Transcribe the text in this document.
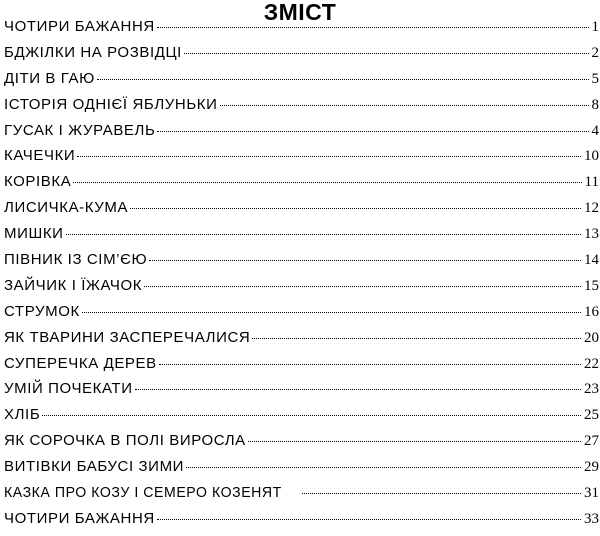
ЗМІСТ
ЧОТИРИ БАЖАННЯ	1
БДЖІЛКИ НА РОЗВІДЦІ	2
ДІТИ В ГАЮ	5
ІСТОРІЯ ОДНІЄЇ ЯБЛУНЬКИ	8
ГУСАК І ЖУРАВЕЛЬ	4
КАЧЕЧКИ	10
КОРІВКА	11
ЛИСИЧКА-КУМА	12
МИШКИ	13
ПІВНИК ІЗ СІМ’ЄЮ	14
ЗАЙЧИК І ЇЖАЧОК	15
СТРУМОК	16
ЯК ТВАРИНИ ЗАСПЕРЕЧАЛИСЯ	20
СУПЕРЕЧКА ДЕРЕВ	22
УМІЙ ПОЧЕКАТИ	23
ХЛІБ	25
ЯК СОРОЧКА В ПОЛІ ВИРОСЛА	27
ВИТІВКИ БАБУСІ ЗИМИ	29
КАЗКА ПРО КОЗУ І СЕМЕРО КОЗЕНЯТ	31
ЧОТИРИ БАЖАННЯ	33
